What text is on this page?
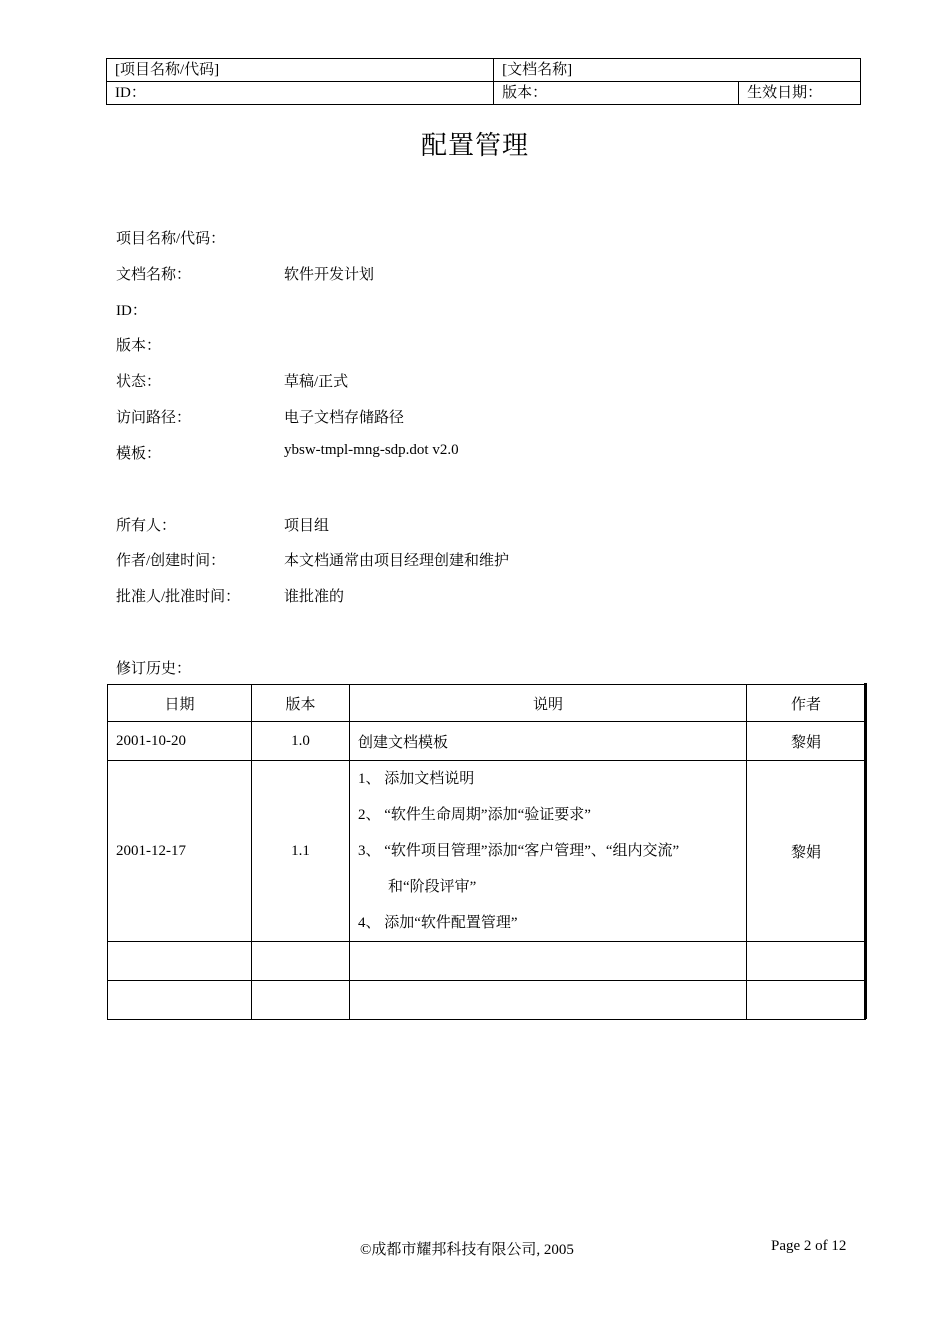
[项目名称/代码]	[文档名称]	
ID：	版本：	生效日期：
配置管理
项目名称/代码：
文档名称：	软件开发计划
ID：
版本：
状态：	草稿/正式
访问路径：	电子文档存储路径
模板：	ybsw-tmpl-mng-sdp.dot v2.0
所有人：	项目组
作者/创建时间：	本文档通常由项目经理创建和维护
批准人/批准时间：	谁批准的
修订历史：
日期	版本	说明	作者
2001-10-20	1.0	创建文档模板	黎娟
2001-12-17	1.1	1、 添加文档说明
2、 “软件生命周期”添加“验证要求”
3、 “软件项目管理”添加“客户管理”、“组内交流”
和“阶段评审”
4、 添加“软件配置管理”	黎娟

©成都市耀邦科技有限公司, 2005	Page 2 of 12
